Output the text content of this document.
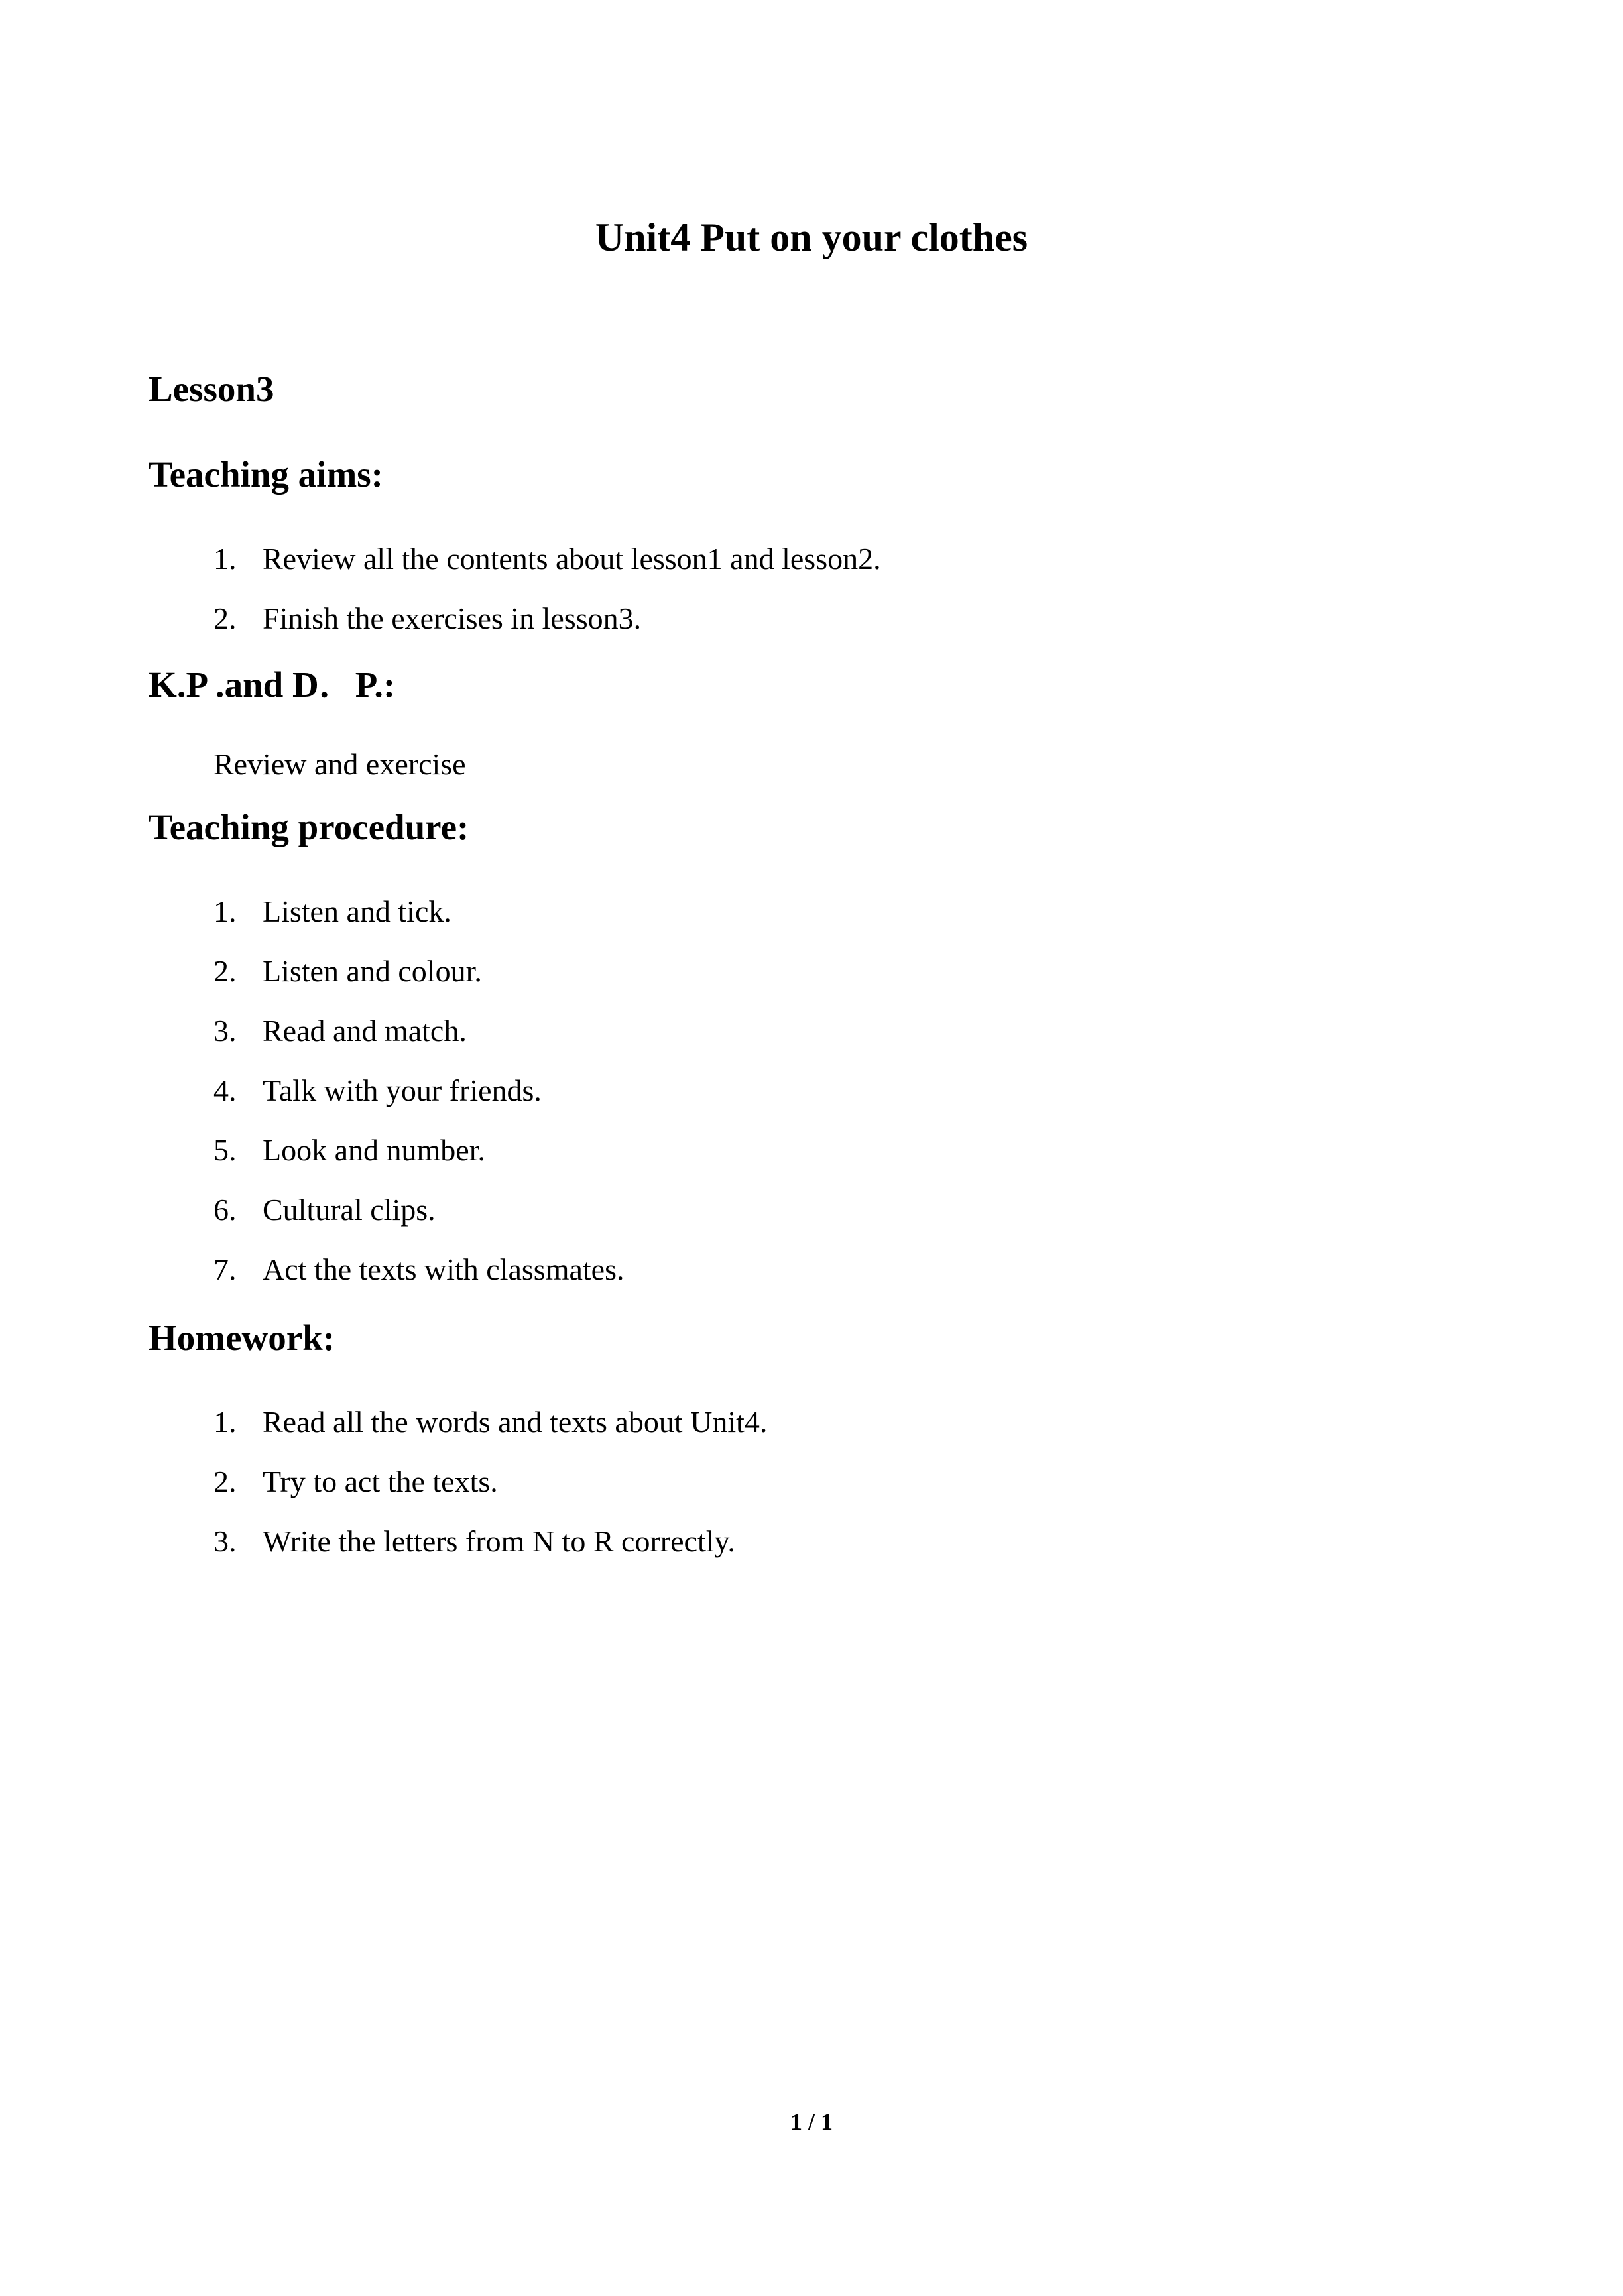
Unit4 Put on your clothes
Lesson3
Teaching aims:
1. Review all the contents about lesson1 and lesson2.
2. Finish the exercises in lesson3.
K.P .and D．P.:

Review and exercise

Teaching procedure:
1. Listen and tick.
2. Listen and colour.
3. Read and match.
4. Talk with your friends.
5. Look and number.
6. Cultural clips.
7. Act the texts with classmates.
Homework:
1. Read all the words and texts about Unit4.
2. Try to act the texts.
3. Write the letters from N to R correctly.
1 / 1
